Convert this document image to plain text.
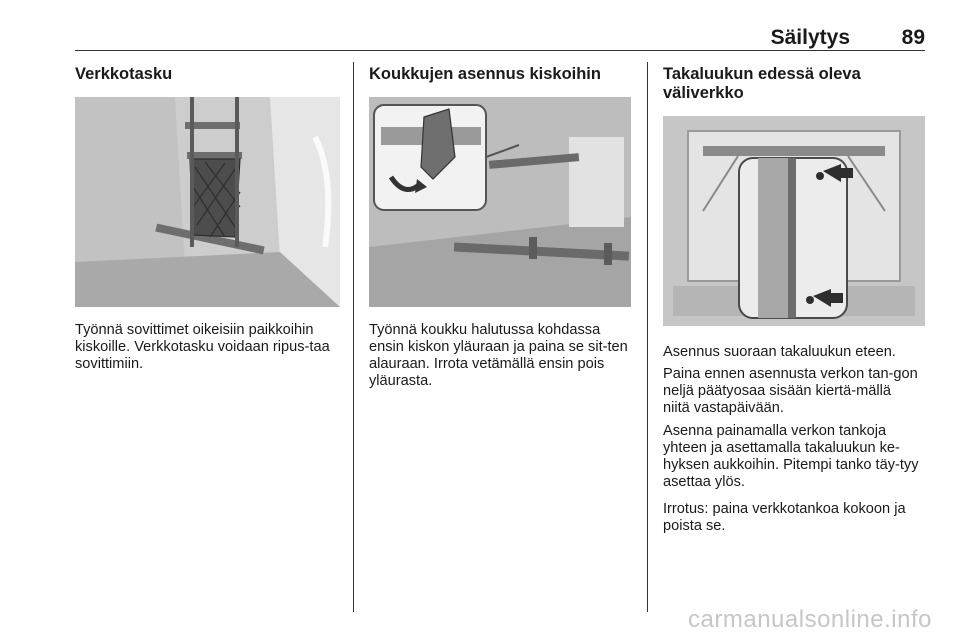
Säilytys	89
Verkkotasku
Työnnä sovittimet oikeisiin paikkoihin kiskoille. Verkkotasku voidaan ripus-taa sovittimiin.
Koukkujen asennus kiskoihin
Työnnä koukku halutussa kohdassa ensin kiskon yläuraan ja paina se sit-ten alauraan. Irrota vetämällä ensin pois yläurasta.
Takaluukun edessä oleva väliverkko
Asennus suoraan takaluukun eteen.
Paina ennen asennusta verkon tan-gon neljä päätyosaa sisään kiertä-mällä niitä vastapäivään.
Asenna painamalla verkon tankoja yhteen ja asettamalla takaluukun ke-hyksen aukkoihin. Pitempi tanko täy-tyy asettaa ylös.
Irrotus: paina verkkotankoa kokoon ja poista se.
carmanualsonline.info
